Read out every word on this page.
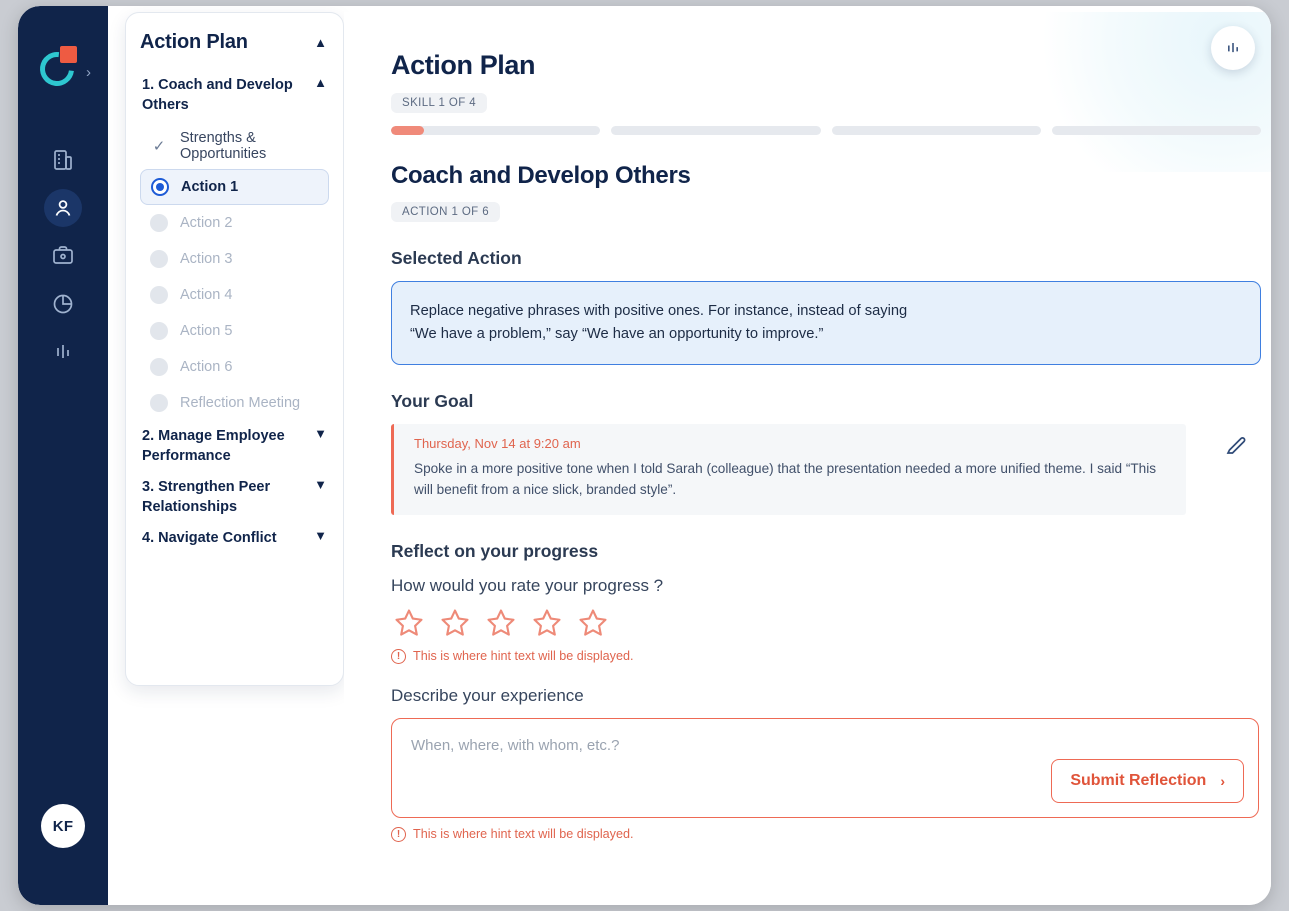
›
KF
Action Plan	▲
1. Coach and Develop Others
▲
✓ Strengths & Opportunities
Action 1
Action 2
Action 3
Action 4
Action 5
Action 6
Reflection Meeting
2. Manage Employee Performance
▼
3. Strengthen Peer Relationships
▼
4. Navigate Conflict	▼
Action Plan
SKILL 1 OF 4
Coach and Develop Others
ACTION 1 OF 6
Selected Action
Replace negative phrases with positive ones. For instance, instead of saying
“We have a problem,” say “We have an opportunity to improve.”
Your Goal
Thursday, Nov 14 at 9:20 am
Spoke in a more positive tone when I told Sarah (colleague) that the presentation needed a more unified theme. I said “This will benefit from a nice slick, branded style”.
Reflect on your progress
How would you rate your progress ?
!	This is where hint text will be displayed.
Describe your experience
When, where, with whom, etc.?
Submit Reflection ›
!	This is where hint text will be displayed.
